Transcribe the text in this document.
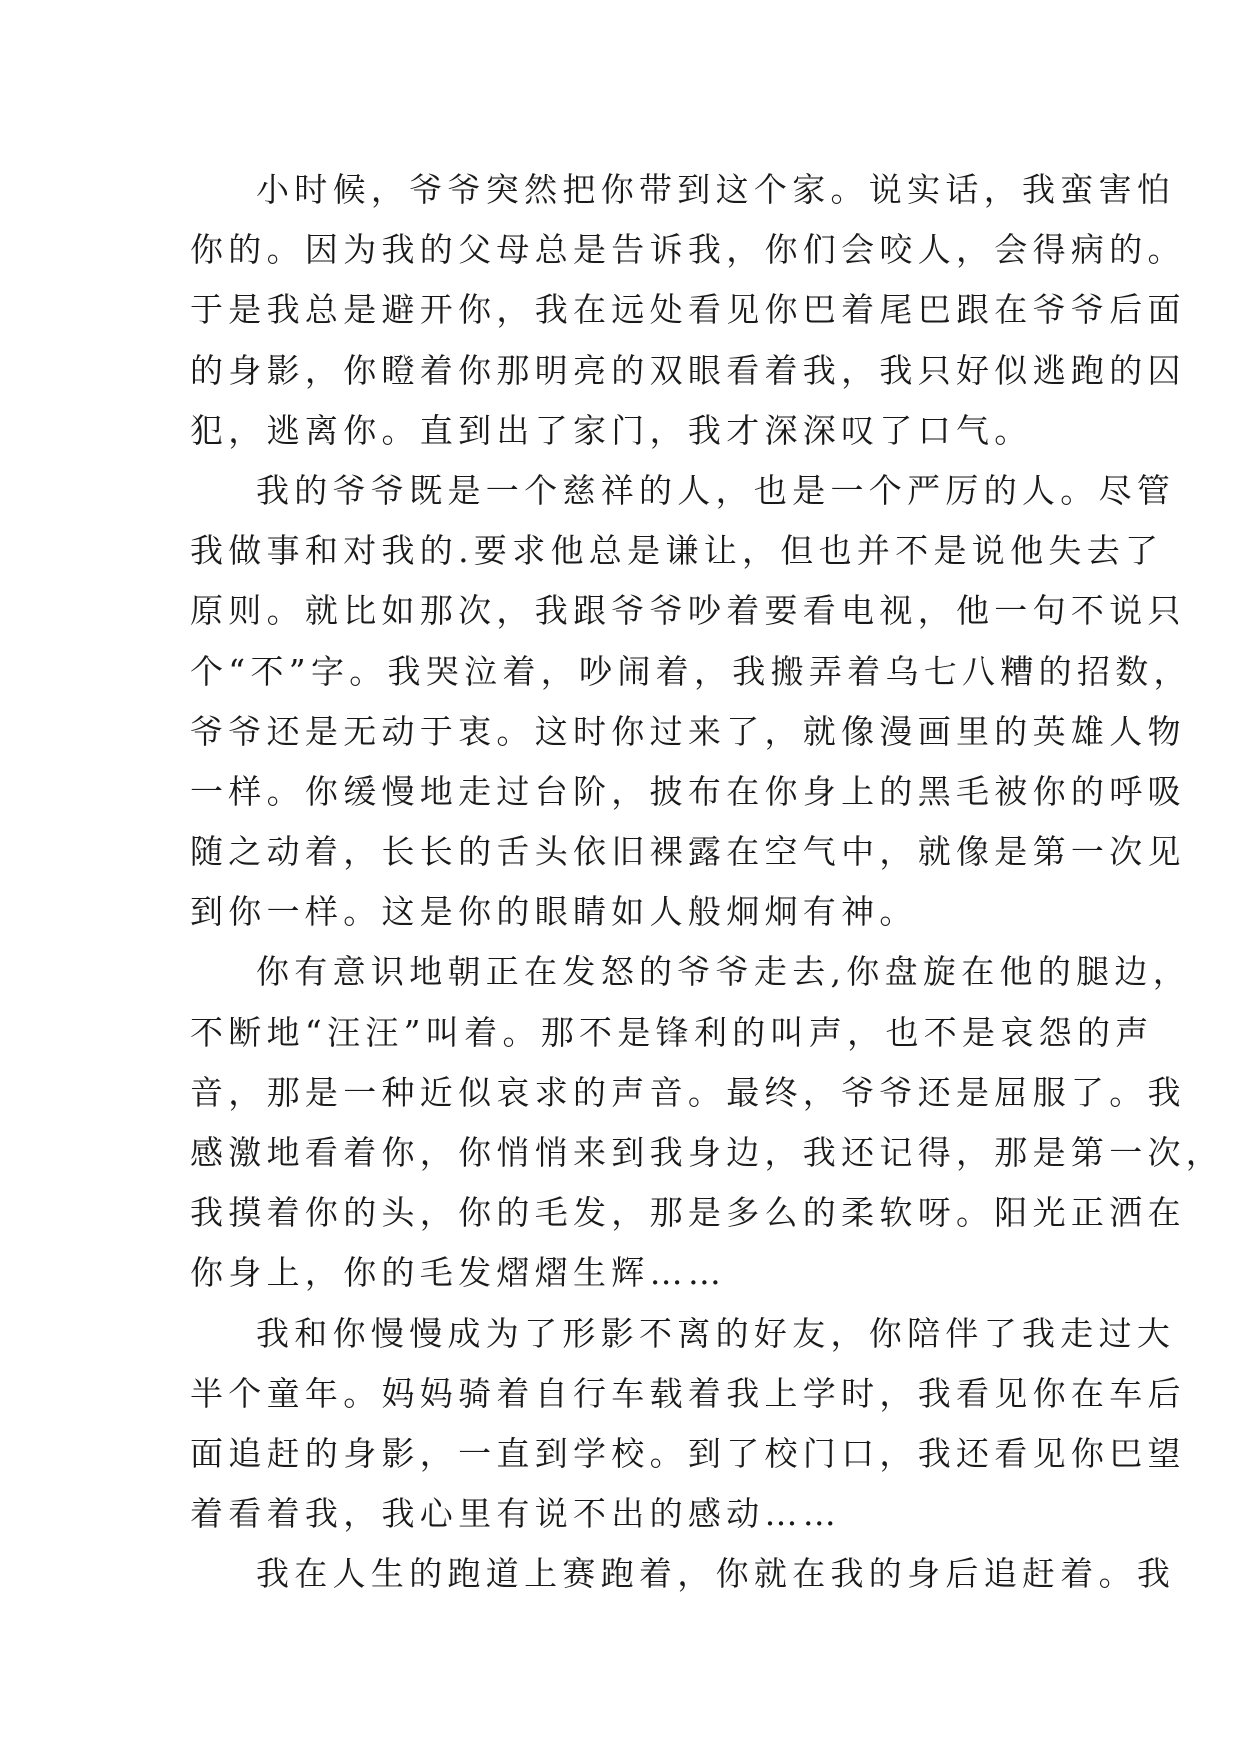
小时候，爷爷突然把你带到这个家。说实话，我蛮害怕
你的。因为我的父母总是告诉我，你们会咬人，会得病的。
于是我总是避开你，我在远处看见你巴着尾巴跟在爷爷后面
的身影，你瞪着你那明亮的双眼看着我，我只好似逃跑的囚
犯，逃离你。直到出了家门，我才深深叹了口气。
我的爷爷既是一个慈祥的人，也是一个严厉的人。尽管
我做事和对我的.要求他总是谦让，但也并不是说他失去了
原则。就比如那次，我跟爷爷吵着要看电视，他一句不说只
个“不”字。我哭泣着，吵闹着，我搬弄着乌七八糟的招数，
爷爷还是无动于衷。这时你过来了，就像漫画里的英雄人物
一样。你缓慢地走过台阶，披布在你身上的黑毛被你的呼吸
随之动着，长长的舌头依旧裸露在空气中，就像是第一次见
到你一样。这是你的眼睛如人般炯炯有神。
你有意识地朝正在发怒的爷爷走去,你盘旋在他的腿边，
不断地“汪汪”叫着。那不是锋利的叫声，也不是哀怨的声
音，那是一种近似哀求的声音。最终，爷爷还是屈服了。我
感激地看着你，你悄悄来到我身边，我还记得，那是第一次，
我摸着你的头，你的毛发，那是多么的柔软呀。阳光正洒在
你身上，你的毛发熠熠生辉……
我和你慢慢成为了形影不离的好友，你陪伴了我走过大
半个童年。妈妈骑着自行车载着我上学时，我看见你在车后
面追赶的身影，一直到学校。到了校门口，我还看见你巴望
着看着我，我心里有说不出的感动……
我在人生的跑道上赛跑着，你就在我的身后追赶着。我
